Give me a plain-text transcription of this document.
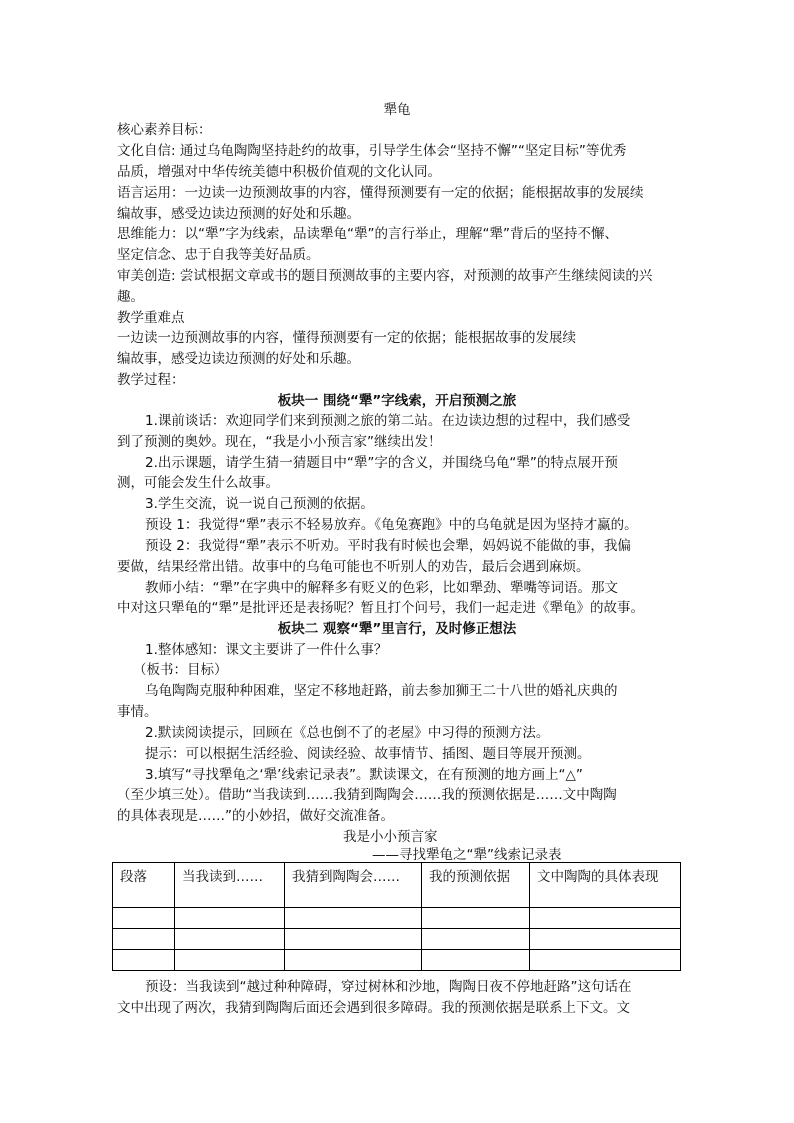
犟龟
核心素养目标：
文化自信: 通过乌龟陶陶坚持赴约的故事，引导学生体会“坚持不懈”“坚定目标”等优秀
品质，增强对中华传统美德中积极价值观的文化认同。
语言运用：一边读一边预测故事的内容，懂得预测要有一定的依据；能根据故事的发展续
编故事，感受边读边预测的好处和乐趣。
思维能力：以“犟”字为线索，品读犟龟“犟”的言行举止，理解“犟”背后的坚持不懈、
坚定信念、忠于自我等美好品质。
审美创造: 尝试根据文章或书的题目预测故事的主要内容，对预测的故事产生继续阅读的兴
趣。
教学重难点
一边读一边预测故事的内容，懂得预测要有一定的依据；能根据故事的发展续
编故事，感受边读边预测的好处和乐趣。
教学过程：
板块一 围绕“犟”字线索，开启预测之旅
1.课前谈话：欢迎同学们来到预测之旅的第二站。在边读边想的过程中，我们感受
到了预测的奥妙。现在，“我是小小预言家”继续出发！
2.出示课题，请学生猜一猜题目中“犟”字的含义，并围绕乌龟“犟”的特点展开预
测，可能会发生什么故事。
3.学生交流，说一说自己预测的依据。
预设 1：我觉得“犟”表示不轻易放弃。《龟兔赛跑》中的乌龟就是因为坚持才赢的。
预设 2：我觉得“犟”表示不听劝。平时我有时候也会犟，妈妈说不能做的事，我偏
要做，结果经常出错。故事中的乌龟可能也不听别人的劝告，最后会遇到麻烦。
教师小结：“犟”在字典中的解释多有贬义的色彩，比如犟劲、犟嘴等词语。那文
中对这只犟龟的“犟”是批评还是表扬呢？暂且打个问号，我们一起走进《犟龟》的故事。
板块二 观察“犟”里言行，及时修正想法
1.整体感知：课文主要讲了一件什么事？
（板书：目标）
乌龟陶陶克服种种困难，坚定不移地赶路，前去参加狮王二十八世的婚礼庆典的
事情。
2.默读阅读提示，回顾在《总也倒不了的老屋》中习得的预测方法。
提示：可以根据生活经验、阅读经验、故事情节、插图、题目等展开预测。
3.填写“寻找犟龟之‘犟’线索记录表”。默读课文，在有预测的地方画上“△”
（至少填三处）。借助“当我读到……我猜到陶陶会……我的预测依据是……文中陶陶
的具体表现是……”的小妙招，做好交流准备。
我是小小预言家
——寻找犟龟之“犟”线索记录表
段落	当我读到……	我猜到陶陶会……	我的预测依据	文中陶陶的具体表现

预设：当我读到“越过种种障碍，穿过树林和沙地，陶陶日夜不停地赶路”这句话在
文中出现了两次，我猜到陶陶后面还会遇到很多障碍。我的预测依据是联系上下文。文
